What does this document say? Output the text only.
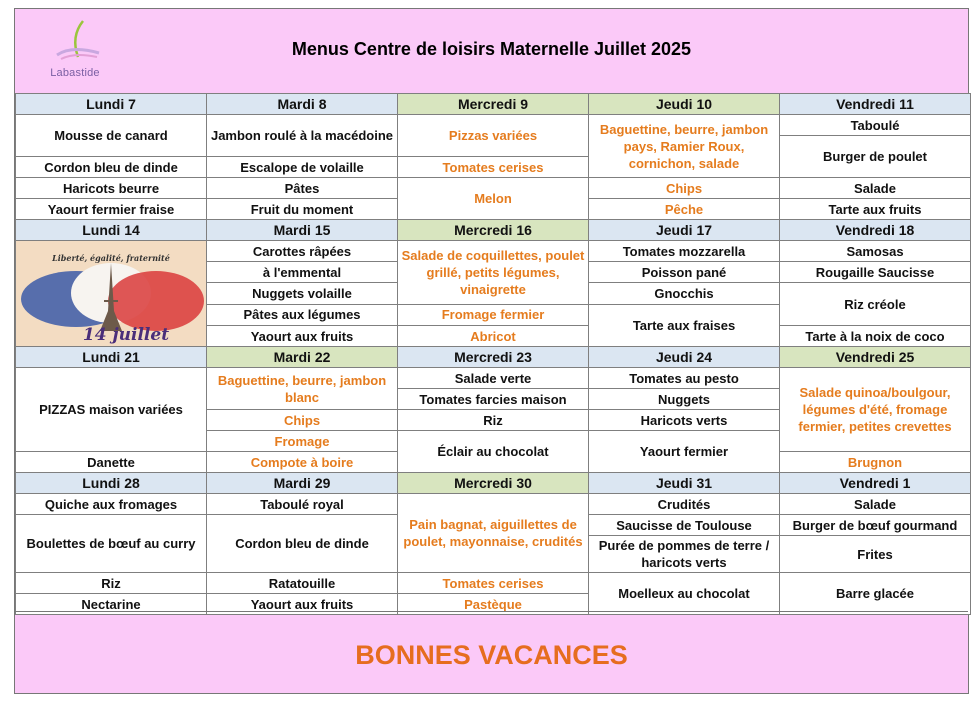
Labastide
Menus Centre de loisirs Maternelle Juillet 2025
Lundi 7	Mardi 8	Mercredi 9	Jeudi 10	Vendredi 11
Mousse de canard	Jambon roulé à la macédoine	Pizzas variées	Baguettine, beurre, jambon pays, Ramier Roux, cornichon, salade	Taboulé
				Burger de poulet
Cordon bleu de dinde	Escalope de volaille	Tomates cerises		
Haricots beurre	Pâtes	Melon	Chips	Salade
Yaourt fermier fraise	Fruit du moment		Pêche	Tarte aux fruits
Lundi 14	Mardi 15	Mercredi 16	Jeudi 17	Vendredi 18

Liberté, égalité, fraternité
14 juillet	Carottes râpées	Salade de coquillettes, poulet grillé, petits légumes, vinaigrette	Tomates mozzarella	Samosas
	à l'emmental		Poisson pané	Rougaille Saucisse
	Nuggets volaille		Gnocchis	Riz créole
	Pâtes aux légumes	Fromage fermier	Tarte aux fraises	
	Yaourt aux fruits	Abricot		Tarte à la noix de coco
Lundi 21	Mardi 22	Mercredi 23	Jeudi 24	Vendredi 25
PIZZAS maison variées	Baguettine, beurre, jambon blanc	Salade verte	Tomates au pesto	Salade quinoa/boulgour, légumes d'été, fromage fermier, petites crevettes
		Tomates farcies maison	Nuggets	
	Chips	Riz	Haricots verts	
	Fromage	Éclair au chocolat	Yaourt fermier	
Danette	Compote à boire			Brugnon
Lundi 28	Mardi 29	Mercredi 30	Jeudi 31	Vendredi 1
Quiche aux fromages	Taboulé royal	Pain bagnat, aiguillettes de poulet, mayonnaise, crudités	Crudités	Salade
Boulettes de bœuf au curry	Cordon bleu de dinde		Saucisse de Toulouse	Burger de bœuf gourmand
			Purée de pommes de terre / haricots verts	Frites
Riz	Ratatouille	Tomates cerises	Moelleux au chocolat	Barre glacée
Nectarine	Yaourt aux fruits	Pastèque		
BONNES VACANCES
